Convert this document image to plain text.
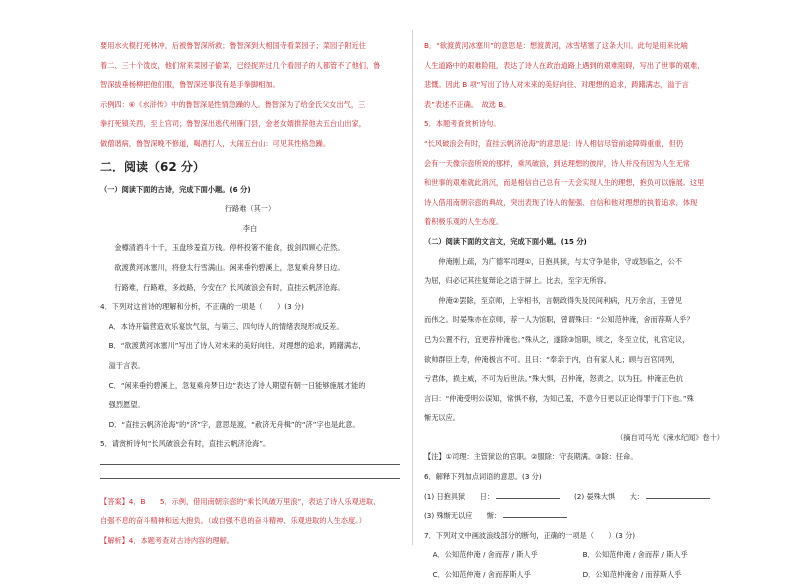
要用水火棍打死林冲，后被鲁智深所救；鲁智深到大相国寺看菜园子；菜园子附近住

着二、三十个泼皮，他们常来菜园子偷菜，已经捉弄过几个看园子的人都管不了他们，鲁

智深拔垂杨柳把他们服，鲁智深还事没有是手拳脚相加。

示例四：⑥《水浒传》中的鲁智深是性情急躁的人。鲁智深为了给金氏父女出气，三

拳打死镇关西，至上官司；鲁智深出逃代州雁门县，金老女婿推荐他去五台山出家，

做僧谐病，鲁智深晚不修道，喝酒打人，大闹五台山：可见其性格急躁。

二．阅读（62 分）

（一）阅读下面的古诗，完成下面小题。(6 分)

行路难（其一）

李白

金樽清酒斗十千，玉盘珍羞直万钱。停杯投箸不能食，拔剑四顾心茫然。

欲渡黄河冰塞川，将登太行雪满山。闲来垂钓碧溪上，忽复乘舟梦日边。

行路难，行路难，多歧路，今安在？长风破浪会有时，直挂云帆济沧海。

4．下列对这首诗的理解和分析，不正确的一项是（　　）(3 分)

A．本诗开篇营造欢乐宴饮气氛，与第三、四句诗人的情绪表现形成反差。

B．“欲渡黄河冰塞川”写出了诗人对未来的美好向往、对理想的追求，踌躇满志，

溢于言表。

C．“闲来垂钓碧溪上，忽复乘舟梦日边”表达了诗人期望有朝一日能够施展才能的

强烈愿望。

D．“直挂云帆济沧海”的“济”字，意思是渡，“赦济无舟楫”的“济”字也是此意。

5．请赏析诗句“长风破浪会有时，直挂云帆济沧海”。

【答案】4．B　　5．示例，借用南朝宗悫的“乘长风破万里浪”，表达了诗人乐观进取、

自强不息的奋斗精神和远大抱负。（或自强不息的奋斗精神、乐观进取的人生态度。）

【解析】4．本题考查对古诗内容的理解。

B．“欲渡黄河冰塞川”的意思是：想渡黄河，冰雪堵塞了这条大川。此句是用来比喻

人生道路中的艰难险阻，表达了诗人在政治道路上遇到的艰难阻碍，写出了世事的艰难，

悲慨。因此 B 项“写出了诗人对未来的美好向往、对理想的追求，踌躇满志，溢于言

表”表述不正确。　故选 B。

5．本题考查赏析诗句。

“长风破浪会有时，直挂云帆济沧海”的意思是：诗人相信尽管前途障碍重重，但仍

会有一天像宗悫所说的那样，乘风破浪，到达理想的彼岸，诗人并没有因为人生无常

和世事的艰难就此消沉，而是相信自己总有一天会实现人生的理想，抱负可以施展。这里

诗人借用南朝宗悫的典故，突出表现了诗人的倔强、自信和他对理想的执着追求，体现

着积极乐观的人生态度。

（二）阅读下面的文言文，完成下面小题。(15 分)

仲淹刚上疏，为广德军司理①，日抱具狱，与太守争是非，守或怒临之，公不

为屈，归必记其往复辩论之语于屏上。比去，至字无所容。

仲淹②罢除，至京师，上宰相书，言朝政得失及民间利病，凡万余言，王曾见

而伟之。时晏殊亦在京师，荐一人为馆职，曾谓殊曰：“公知范仲淹，舍而荐斯人乎？

已为公置不行，宜更荐仲淹也。”殊从之，遂除③馆职，顷之，冬至立仗，礼官定议，

欲帅群臣上寿，仲淹极言不可。且曰：“奉亲于内，自有家人礼；顾与百官同列，

亏君体，损主威，不可为后世法。”殊大惧，召仲淹，怒责之，以为狂。仲淹正色抗

言曰：“仲淹受明公误知，常惧不称，为知己羞，不意今日更以正论得罪于门下也。”殊

惭无以应。

（摘自司马光《涑水纪闻》卷十）

【注】①司理：主管狱讼的官职。②服除：守丧期满。③除：任命。

6．解释下列加点词语的意思。(3 分)

(1) 日抱具狱　　日：	(2) 晏殊大惧　　大：

(3) 殊惭无以应　　惭：

7．下列对文中画波浪线部分的断句，正确的一项是（　　）(3 分)

A．公知范仲淹 / 舍而荐 / 斯人乎	B．公知范仲淹 / 舍而荐 / 斯人乎
C．公知范仲淹 / 舍而荐斯人乎	D．公知范仲淹舍 / 而荐斯人乎
